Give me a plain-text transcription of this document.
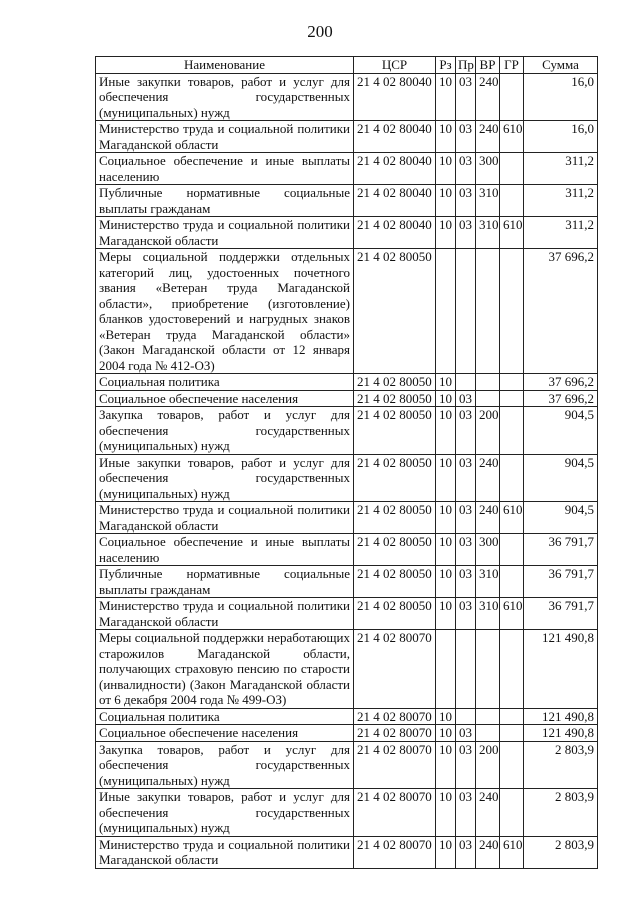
200
Наименование	ЦСР	Рз	Пр	ВР	ГР	Сумма
Иные закупки товаров, работ и услуг для обеспечения государственных (муниципальных) нужд	21 4 02 80040	10	03	240		16,0
Министерство труда и социальной политики Магаданской области	21 4 02 80040	10	03	240	610	16,0
Социальное обеспечение и иные выплаты населению	21 4 02 80040	10	03	300		311,2
Публичные нормативные социальные выплаты гражданам	21 4 02 80040	10	03	310		311,2
Министерство труда и социальной политики Магаданской области	21 4 02 80040	10	03	310	610	311,2
Меры социальной поддержки отдельных категорий лиц, удостоенных почетного звания «Ветеран труда Магаданской области», приобретение (изготовление) бланков удостоверений и нагрудных знаков «Ветеран труда Магаданской области» (Закон Магаданской области от 12 января 2004 года № 412-ОЗ)	21 4 02 80050					37 696,2
Социальная политика	21 4 02 80050	10				37 696,2
Социальное обеспечение населения	21 4 02 80050	10	03			37 696,2
Закупка товаров, работ и услуг для обеспечения государственных (муниципальных) нужд	21 4 02 80050	10	03	200		904,5
Иные закупки товаров, работ и услуг для обеспечения государственных (муниципальных) нужд	21 4 02 80050	10	03	240		904,5
Министерство труда и социальной политики Магаданской области	21 4 02 80050	10	03	240	610	904,5
Социальное обеспечение и иные выплаты населению	21 4 02 80050	10	03	300		36 791,7
Публичные нормативные социальные выплаты гражданам	21 4 02 80050	10	03	310		36 791,7
Министерство труда и социальной политики Магаданской области	21 4 02 80050	10	03	310	610	36 791,7
Меры социальной поддержки неработающих старожилов Магаданской области, получающих страховую пенсию по старости (инвалидности) (Закон Магаданской области от 6 декабря 2004 года № 499-ОЗ)	21 4 02 80070					121 490,8
Социальная политика	21 4 02 80070	10				121 490,8
Социальное обеспечение населения	21 4 02 80070	10	03			121 490,8
Закупка товаров, работ и услуг для обеспечения государственных (муниципальных) нужд	21 4 02 80070	10	03	200		2 803,9
Иные закупки товаров, работ и услуг для обеспечения государственных (муниципальных) нужд	21 4 02 80070	10	03	240		2 803,9
Министерство труда и социальной политики Магаданской области	21 4 02 80070	10	03	240	610	2 803,9
